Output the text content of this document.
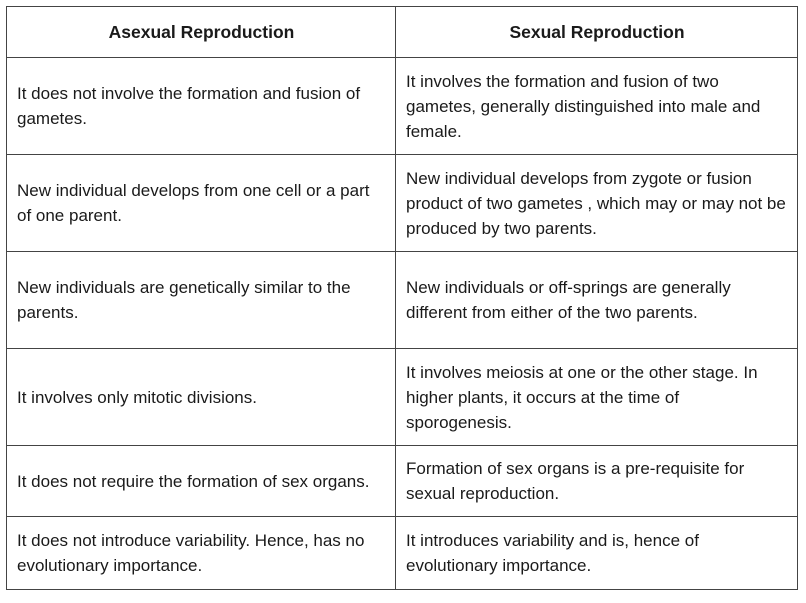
Asexual Reproduction	Sexual Reproduction
It does not involve the formation and fusion of gametes.	It involves the formation and fusion of two gametes, generally distinguished into male and female.
New individual develops from one cell or a part of one parent.	New individual develops from zygote or fusion product of two gametes , which may or may not be produced by two parents.
New individuals are genetically similar to the parents.	New individuals or off-springs are generally different from either of the two parents.
It involves only mitotic divisions.	It involves meiosis at one or the other stage. In higher plants, it occurs at the time of sporogenesis.
It does not require the formation of sex organs.	Formation of sex organs is a pre-requisite for sexual reproduction.
It does not introduce variability. Hence, has no evolutionary importance.	It introduces variability and is, hence of evolutionary importance.
